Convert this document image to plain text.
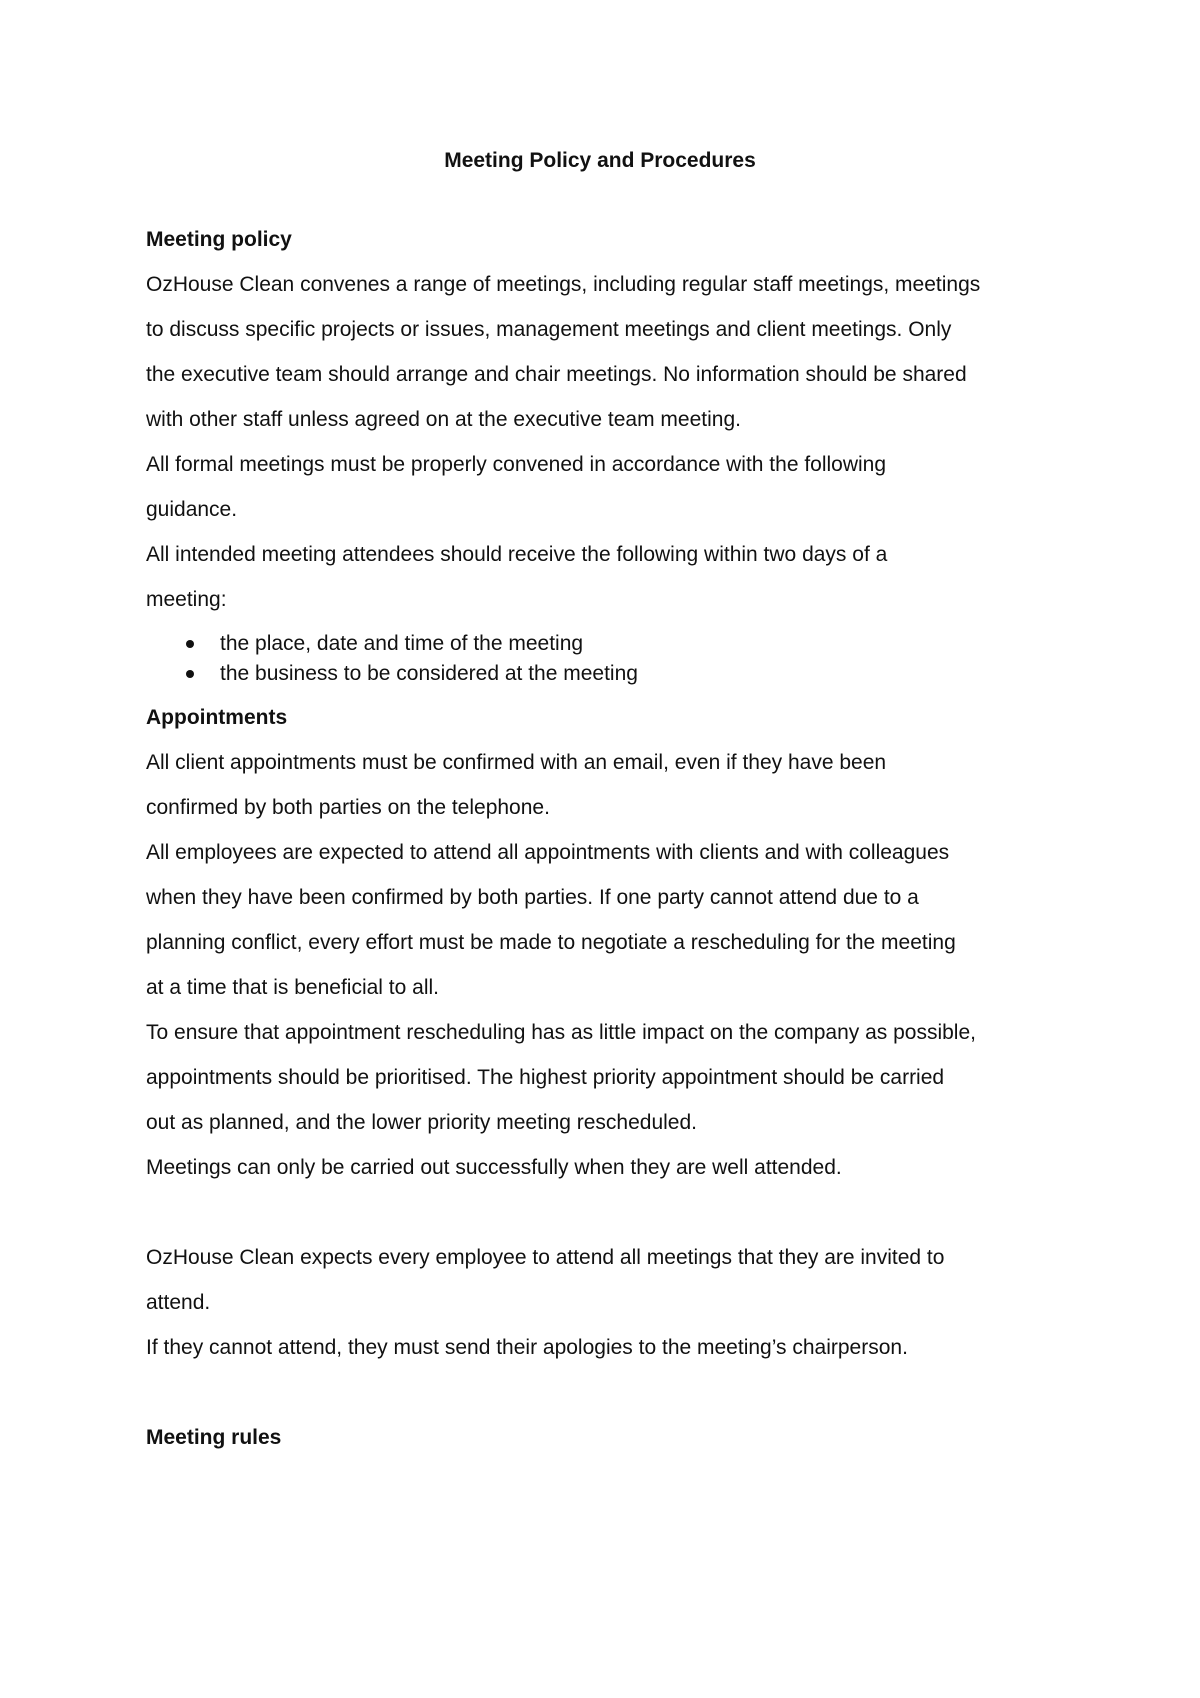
Meeting Policy and Procedures

Meeting policy

OzHouse Clean convenes a range of meetings, including regular staff meetings, meetings

to discuss specific projects or issues, management meetings and client meetings. Only

the executive team should arrange and chair meetings. No information should be shared

with other staff unless agreed on at the executive team meeting.

All formal meetings must be properly convened in accordance with the following

guidance.

All intended meeting attendees should receive the following within two days of a

meeting:

the place, date and time of the meeting

the business to be considered at the meeting

Appointments

All client appointments must be confirmed with an email, even if they have been

confirmed by both parties on the telephone.

All employees are expected to attend all appointments with clients and with colleagues

when they have been confirmed by both parties. If one party cannot attend due to a

planning conflict, every effort must be made to negotiate a rescheduling for the meeting

at a time that is beneficial to all.

To ensure that appointment rescheduling has as little impact on the company as possible,

appointments should be prioritised. The highest priority appointment should be carried

out as planned, and the lower priority meeting rescheduled.

Meetings can only be carried out successfully when they are well attended.

OzHouse Clean expects every employee to attend all meetings that they are invited to

attend.

If they cannot attend, they must send their apologies to the meeting’s chairperson.

Meeting rules
